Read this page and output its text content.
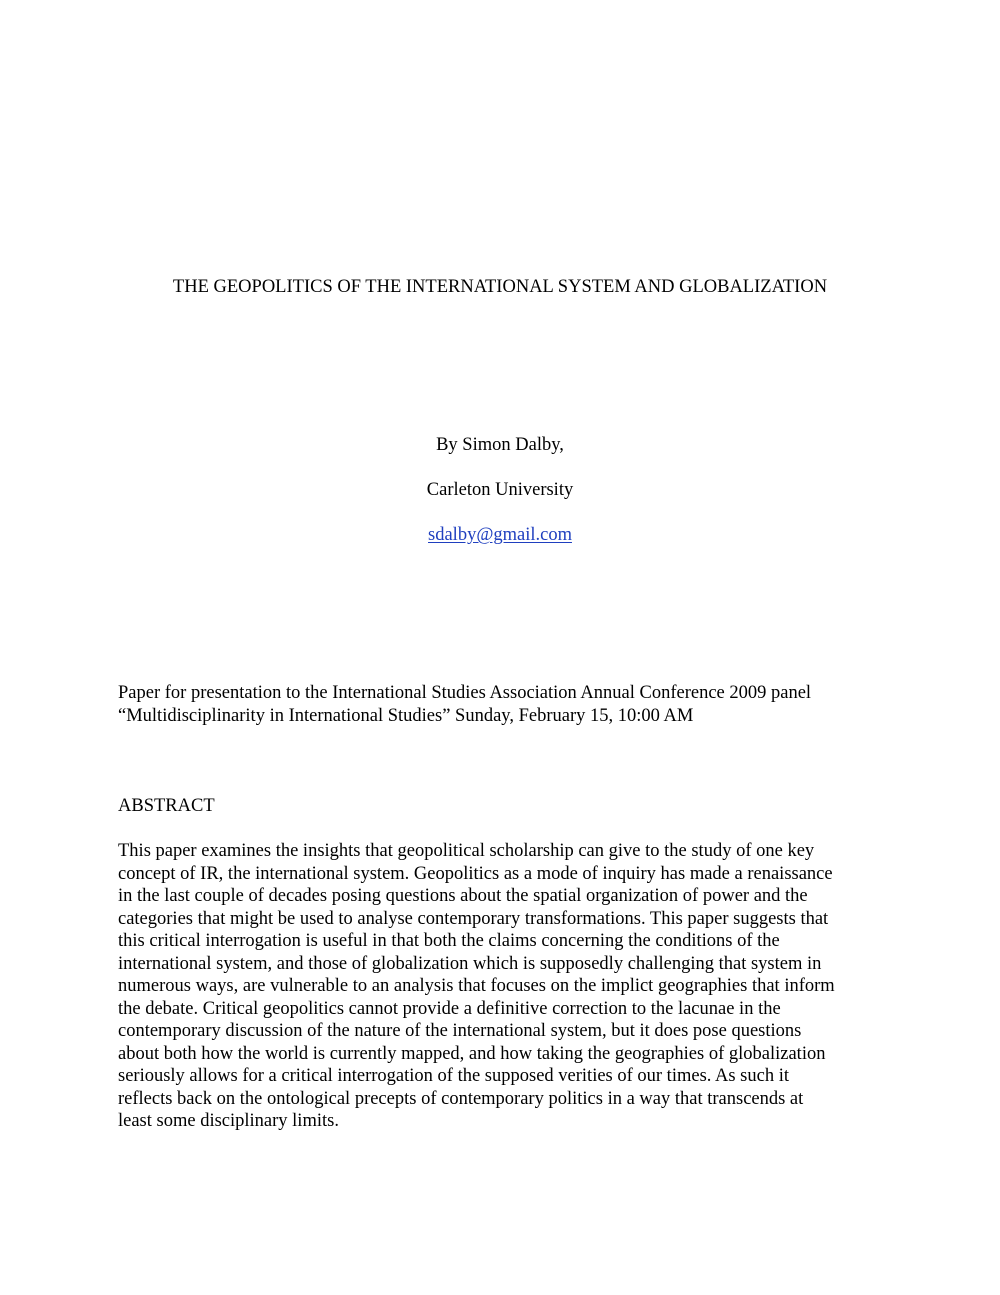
THE GEOPOLITICS OF THE INTERNATIONAL SYSTEM AND GLOBALIZATION
By Simon Dalby,
Carleton University
sdalby@gmail.com
Paper for presentation to the International Studies Association Annual Conference 2009 panel
“Multidisciplinarity in International Studies” Sunday, February 15, 10:00 AM
ABSTRACT
This paper examines the insights that geopolitical scholarship can give to the study of one key
concept of IR, the international system. Geopolitics as a mode of inquiry has made a renaissance
in the last couple of decades posing questions about the spatial organization of power and the
categories that might be used to analyse contemporary transformations. This paper suggests that
this critical interrogation is useful in that both the claims concerning the conditions of the
international system, and those of globalization which is supposedly challenging that system in
numerous ways, are vulnerable to an analysis that focuses on the implict geographies that inform
the debate. Critical geopolitics cannot provide a definitive correction to the lacunae in the
contemporary discussion of the nature of the international system, but it does pose questions
about both how the world is currently mapped, and how taking the geographies of globalization
seriously allows for a critical interrogation of the supposed verities of our times. As such it
reflects back on the ontological precepts of contemporary politics in a way that transcends at
least some disciplinary limits.
